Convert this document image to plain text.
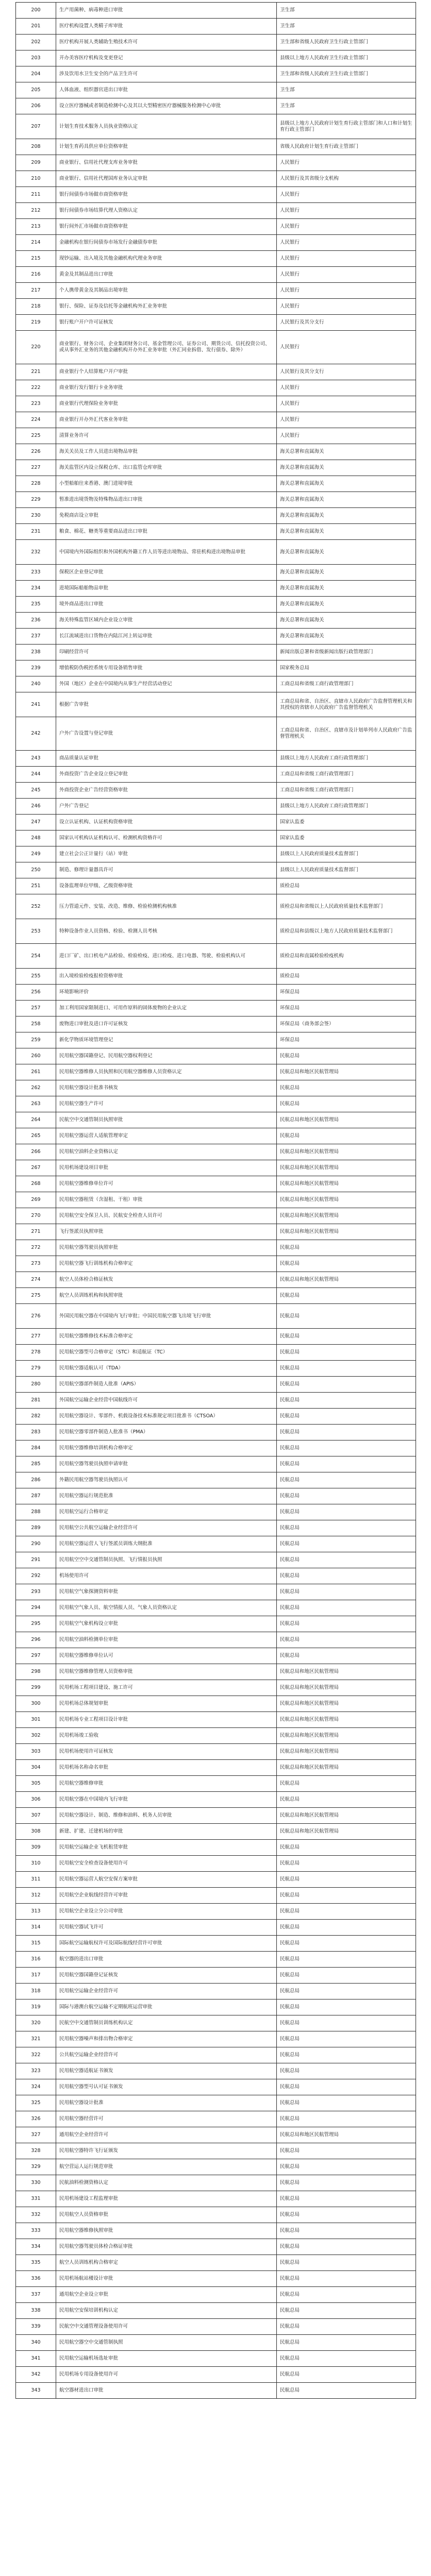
200	生产用菌种、病毒种进口审批	卫生部
201	医疗机构设置人类精子库审批	卫生部
202	医疗机构开展人类辅助生殖技术许可	卫生部和省级人民政府卫生行政主管部门
203	开办美容医疗机构及变更登记	县级以上地方人民政府卫生行政主管部门
204	涉及饮用水卫生安全的产品卫生许可	卫生部和省级人民政府卫生行政主管部门
205	人体血液、组织器官进出口审批	卫生部
206	设立医疗器械或者制造检测中心及其以大型精密医疗器械服务检测中心审批	卫生部
207	计划生育技术服务人员执业资格认定	县级以上地方人民政府计划生育行政主管部门和人口和计划生育行政主管部门
208	计划生育药具供应单位资格审批	省级人民政府计划生育行政主管部门
209	商业银行、信用社代理支库业务审批	人民银行
210	商业银行、信用社代理国库业务认定审批	人民银行及其省级分支机构
211	银行间债券市场做市商资格审批	人民银行
212	银行间债券市场结算代理人资格认定	人民银行
213	银行间外汇市场做市商资格审批	人民银行
214	金融机构在银行间债券市场发行金融债券审批	人民银行
215	现钞运输、出入境及其他金融机构代理业务审批	人民银行
216	黄金及其制品进出口审批	人民银行
217	个人携带黄金及其制品出境审批	人民银行
218	银行、保险、证券及信托等金融机构外汇业务审批	人民银行
219	银行账户开户许可证核发	人民银行及其分支行
220	商业银行、财务公司、企业集团财务公司、基金管理公司、证券公司、期货公司、信托投资公司、或从事外汇业务的其他金融机构开办外汇业务审批（外汇同业拆借、发行债券、除外）	人民银行
221	商业银行个人结算账户开户审批	人民银行及其分支行
222	商业银行发行银行卡业务审批	人民银行
223	商业银行代理保险业务审批	人民银行
224	商业银行开办外汇代客业务审批	人民银行
225	清算业务许可	人民银行
226	海关关员及工作人员进出境物品审批	海关总署和直属海关
227	海关监管区内设立保税仓库、出口监管仓库审批	海关总署和直属海关
228	小型船舶往来香港、澳门进境审批	海关总署和直属海关
229	暂准进出境货物及特殊物品进出口审批	海关总署和直属海关
230	免税商店设立审批	海关总署和直属海关
231	粮食、棉花、糖类等重要商品进出口审批	海关总署和直属海关
232	中国境内外国际组织和外国机构外籍工作人员等进出境物品、常驻机构进出境物品审批	海关总署和直属海关
233	保税区企业登记审批	海关总署和直属海关
234	进境国际船舶物品审批	海关总署和直属海关
235	境外商品进出口审批	海关总署和直属海关
236	海关特殊监管区域内企业设立审批	海关总署和直属海关
237	长江流域进出口货物在内陆江河上转运审批	海关总署和直属海关
238	印刷经营许可	新闻出版总署和省级新闻出版行政管理部门
239	增值税防伪税控系统专用设备销售审批	国家税务总局
240	外国（地区）企业在中国境内从事生产经营活动登记	工商总局和省级工商行政管理部门
241	根据广告审批	工商总局和省、自治区、直辖市人民政府广告监督管理机关和其授权的省辖市人民政府广告监督管理机关
242	户外广告设置与登记审批	工商总局和省、自治区、直辖市及计划单列市人民政府广告监督管理机关
243	商品质量认证审批	县级以上地方人民政府工商行政管理部门
244	外商投资广告企业设立登记审批	工商总局和省级工商行政管理部门
245	外商投资企业广告经营资格审批	工商总局和省级工商行政管理部门
246	户外广告登记	县级以上地方人民政府工商行政管理部门
247	设立认证机构、认证机构资格审批	国家认监委
248	国家认可机构认证机构认可、检测机构资格许可	国家认监委
249	建立社会公正计量行（站）审批	县级以上人民政府质量技术监督部门
250	制造、修理计量器具许可	县级以上人民政府质量技术监督部门
251	设备监理单位甲级、乙级资格审批	质检总局
252	压力管道元件、安装、改造、维修、检验检测机构核准	质检总局和省级以上人民政府质量技术监督部门
253	特种设备作业人员资格、检验、检测人员考核	质检总局和县级以上地方人民政府质量技术监督部门
254	进口厂矿、出口机电产品检验、检验检疫、进口检疫、进口电器、驾驶、检验机构认可	质检总局和直属检验检疫机构
255	出入境检验检疫报检资格审批	质检总局
256	环境影响评价	环保总局
257	加工利用国家限制进口、可用作原料的固体废物的企业认定	环保总局
258	废物进口审批及进口许可证核发	环保总局（商务部会签）
259	新化学物质环境管理登记	环保总局
260	民用航空器国籍登记、民用航空器权利登记	民航总局
261	民用航空器维修人员执照和民用航空器维修人员资格认定	民航总局和地区民航管理局
262	民用航空器设计批准书核发	民航总局
263	民用航空器生产许可	民航总局
264	民航空中交通管制员执照审批	民航总局和地区民航管理局
265	民用航空器运营人适航管理审定	民航总局
266	民用航空油料企业资格认定	民航总局和地区民航管理局
267	民用机场建设项目审批	民航总局和地区民航管理局
268	民用航空器维修单位许可	民航总局和地区民航管理局
269	民用航空器租赁（含湿租、干租）审批	民航总局和地区民航管理局
270	民用航空安全保卫人员、民航安全检查人员许可	民航总局和地区民航管理局
271	飞行签派员执照审批	民航总局和地区民航管理局
272	民用航空器驾驶员执照审批	民航总局
273	民用航空器飞行训练机构合格审定	民航总局
274	航空人员体检合格证核发	民航总局和地区民航管理局
275	航空人员训练机构和执照审批	民航总局
276	外国民用航空器在中国境内飞行审批；中国民用航空器飞出境飞行审批	民航总局
277	民用航空器维修技术标准合格审定	民航总局
278	民用航空器型号合格审定（STC）和适航证（TC）	民航总局
279	民用航空器适航认可（TDA）	民航总局
280	民用航空器部件制造人批准（APIS）	民航总局
281	外国航空运输企业经营中国航线许可	民航总局
282	民用航空器设计、零部件、机载设备技术标准规定项目批准书（CTSOA）	民航总局
283	民用航空器零部件制造人批准书（PMA）	民航总局
284	民用航空器维修培训机构合格审定	民航总局
285	民用航空器驾驶员执照申请审批	民航总局
286	外籍民用航空器驾驶员执照认可	民航总局
287	民用航空器运行规范批准	民航总局
288	民用航空运行合格审定	民航总局
289	民用航空公共航空运输企业经营许可	民航总局
290	民用航空器运营人飞行签派员训练大纲批准	民航总局
291	民用航空空中交通管制员执照、飞行情报员执照	民航总局
292	机场使用许可	民航总局
293	民用航空气象探测资料审批	民航总局
294	民用航空气象人员、航空情报人员、气象人员资格认定	民航总局
295	民用航空气象机构设立审批	民航总局
296	民用航空油料检测单位审批	民航总局
297	民用航空器维修单位认可	民航总局
298	民用航空器维修管理人员资格审批	民航总局和地区民航管理局
299	民用机场工程项目建设、施工许可	民航总局和地区民航管理局
300	民用机场总体规划审批	民航总局和地区民航管理局
301	民用机场专业工程项目设计审批	民航总局和地区民航管理局
302	民用机场竣工验收	民航总局和地区民航管理局
303	民用机场使用许可证核发	民航总局和地区民航管理局
304	民用机场名称命名审批	民航总局和地区民航管理局
305	民用航空器维修审批	民航总局
306	民用航空器在中国境内飞行审批	民航总局
307	民用航空器设计、制造、维修和油料、机务人员审批	民航总局和地区民航管理局
308	新建、扩建、迁建机场的审批	民航总局和地区民航管理局
309	民用航空运输企业飞机租赁审批	民航总局
310	民用航空安全检查设备使用许可	民航总局
311	民用航空器运营人航空安保方案审批	民航总局
312	民用航空企业航线经营许可审批	民航总局
313	民用航空企业设立分公司审批	民航总局
314	民用航空器试飞许可	民航总局
315	国际航空运输航权许可及国际航线经营许可审批	民航总局
316	航空器的进出口审批	民航总局
317	民用航空器国籍登记证核发	民航总局
318	民用航空运输企业经营许可	民航总局
319	国际与港澳台航空运输不定期航班运营审批	民航总局
320	民航空中交通管制员训练机构认定	民航总局
321	民用航空器噪声和排出物合格审定	民航总局
322	公共航空运输企业经营许可	民航总局
323	民用航空器适航证书颁发	民航总局
324	民用航空器型号认可证书颁发	民航总局
325	民用航空器设计批准	民航总局
326	民用航空器经营许可	民航总局
327	通用航空企业经营许可	民航总局和地区民航管理局
328	民用航空器特许飞行证颁发	民航总局
329	航空营运人运行规范审批	民航总局
330	民航油料检测资格认定	民航总局
331	民用机场建设工程监理审批	民航总局
332	民用航空人员资格审批	民航总局
333	民用航空器维修执照审批	民航总局
334	民用航空器驾驶员体检合格证审批	民航总局
335	航空人员训练机构合格审定	民航总局
336	民用机场航站楼设计审批	民航总局
337	通用航空企业设立审批	民航总局
338	民用航空安保培训机构认定	民航总局
339	民航空中交通管理设备使用许可	民航总局
340	民用航空器空中交通管制执照	民航总局
341	民用航空运输机场选址审批	民航总局
342	民用机场专用设备使用许可	民航总局
343	航空器材进出口审批	民航总局
